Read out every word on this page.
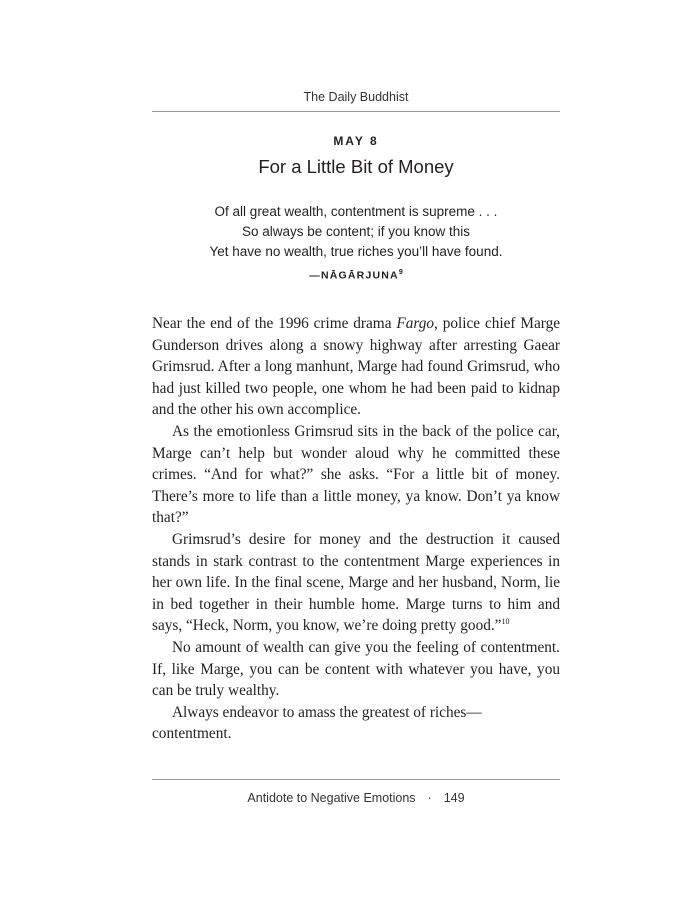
The Daily Buddhist
MAY 8
For a Little Bit of Money
Of all great wealth, contentment is supreme . . .
So always be content; if you know this
Yet have no wealth, true riches you’ll have found.
—NĀGĀRJUNA$^9$

Near the end of the 1996 crime drama Fargo, police chief Marge Gunderson drives along a snowy highway after arresting Gaear Grimsrud. After a long manhunt, Marge had found Grimsrud, who had just killed two people, one whom he had been paid to kidnap and the other his own accomplice.

As the emotionless Grimsrud sits in the back of the police car, Marge can’t help but wonder aloud why he committed these crimes. “And for what?” she asks. “For a little bit of money. There’s more to life than a little money, ya know. Don’t ya know that?”

Grimsrud’s desire for money and the destruction it caused stands in stark contrast to the contentment Marge experiences in her own life. In the final scene, Marge and her husband, Norm, lie in bed together in their humble home. Marge turns to him and says, “Heck, Norm, you know, we’re doing pretty good.”$^{10}$

No amount of wealth can give you the feeling of contentment. If, like Marge, you can be content with whatever you have, you can be truly wealthy.

Always endeavor to amass the greatest of riches—contentment.

Antidote to Negative Emotions · 149
